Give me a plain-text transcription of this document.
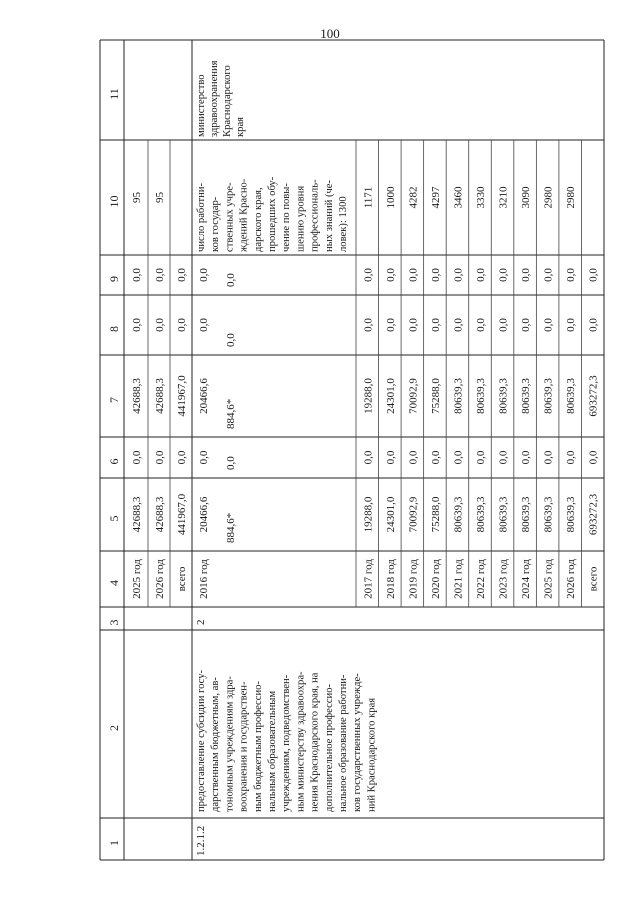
100
11
10
9
8
7
6
5
4
3
2
1
2025 год
42688,3
0,0
42688,3
0,0
0,0
95
2026 год
42688,3
0,0
42688,3
0,0
0,0
95
всего
441967,0
0,0
441967,0
0,0
0,0
1.2.1.2
2
предоставление субсидии госу- дарственным бюджетным, ав- тономным учреждениям здра- воохранения и государствен- ным бюджетным профессио- нальным образовательным учреждениям, подведомствен- ным министерству здравоохра- нения Краснодарского края, на дополнительное профессио- нальное образование работни- ков государственных учрежде- ний Краснодарского края
число работни- ков государ- ственных учре- ждений Красно- дарского края, прошедших обу- чение по повы- шению уровня профессиональ- ных знаний (че- ловек): 1300
министерство здравоохранения Краснодарского края
2016 год
20466,6
0,0
20466,6
0,0
0,0
884,6*
0,0
884,6*
0,0
0,0
2017 год
19288,0
0,0
19288,0
0,0
0,0
1171
2018 год
24301,0
0,0
24301,0
0,0
0,0
1000
2019 год
70092,9
0,0
70092,9
0,0
0,0
4282
2020 год
75288,0
0,0
75288,0
0,0
0,0
4297
2021 год
80639,3
0,0
80639,3
0,0
0,0
3460
2022 год
80639,3
0,0
80639,3
0,0
0,0
3330
2023 год
80639,3
0,0
80639,3
0,0
0,0
3210
2024 год
80639,3
0,0
80639,3
0,0
0,0
3090
2025 год
80639,3
0,0
80639,3
0,0
0,0
2980
2026 год
80639,3
0,0
80639,3
0,0
0,0
2980
всего
693272,3
0,0
693272,3
0,0
0,0
